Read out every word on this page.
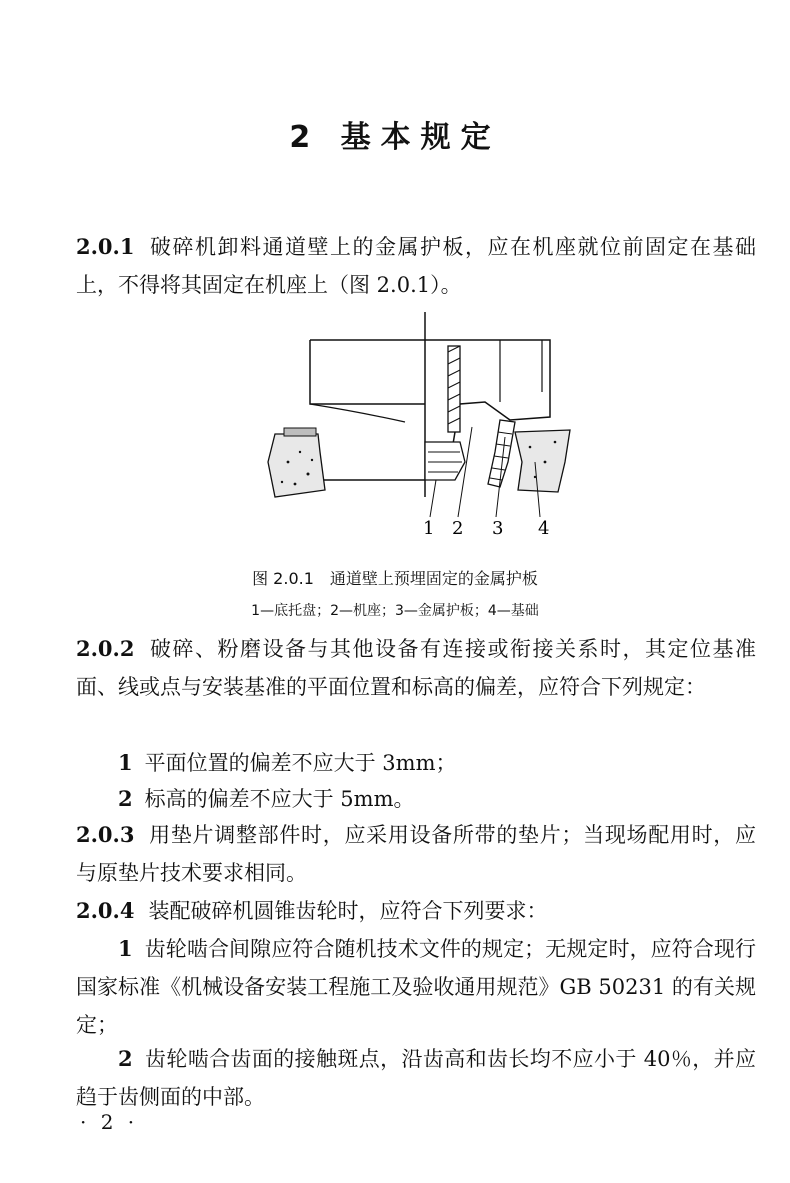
2 基本规定
2.0.1 破碎机卸料通道壁上的金属护板，应在机座就位前固定在基础上，不得将其固定在机座上（图 2.0.1）。
1 2 3 4
图 2.0.1　通道壁上预埋固定的金属护板
1—底托盘；2—机座；3—金属护板；4—基础
2.0.2 破碎、粉磨设备与其他设备有连接或衔接关系时，其定位基准面、线或点与安装基准的平面位置和标高的偏差，应符合下列规定：
1 平面位置的偏差不应大于 3mm；
2 标高的偏差不应大于 5mm。
2.0.3 用垫片调整部件时，应采用设备所带的垫片；当现场配用时，应与原垫片技术要求相同。
2.0.4 装配破碎机圆锥齿轮时，应符合下列要求：
1 齿轮啮合间隙应符合随机技术文件的规定；无规定时，应符合现行国家标准《机械设备安装工程施工及验收通用规范》GB 50231 的有关规定；
2 齿轮啮合齿面的接触斑点，沿齿高和齿长均不应小于 40％，并应趋于齿侧面的中部。
· 2 ·
